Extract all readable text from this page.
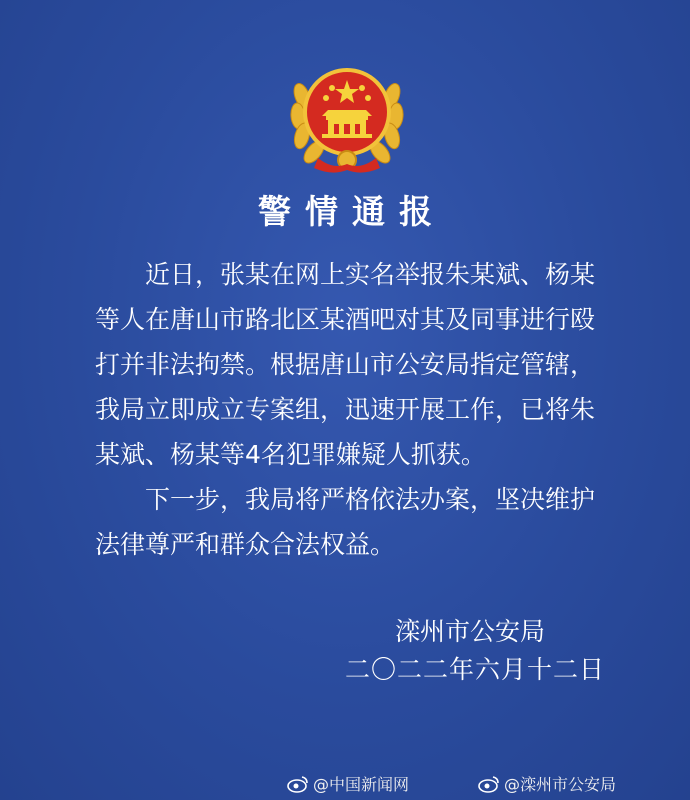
警情通报

近日，张某在网上实名举报朱某斌、杨某等人在唐山市路北区某酒吧对其及同事进行殴打并非法拘禁。根据唐山市公安局指定管辖，我局立即成立专案组，迅速开展工作，已将朱某斌、杨某等4名犯罪嫌疑人抓获。

下一步，我局将严格依法办案，坚决维护法律尊严和群众合法权益。

滦州市公安局
二〇二二年六月十二日
@中国新闻网	@滦州市公安局
